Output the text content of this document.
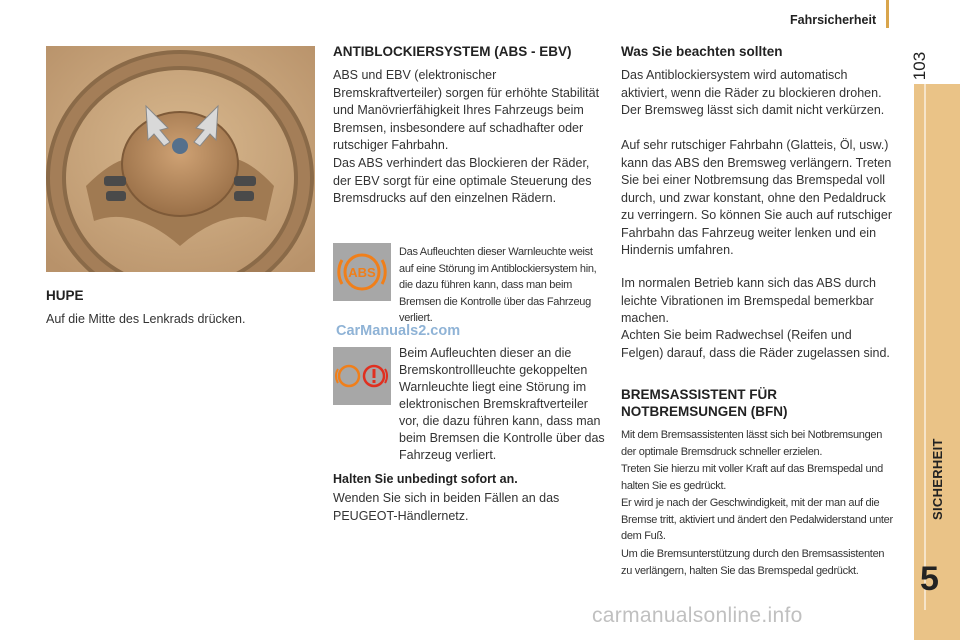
Fahrsicherheit
103
SICHERHEIT
5
HUPE

Auf die Mitte des Lenkrads drücken.

ANTIBLOCKIERSYSTEM (ABS - EBV)

ABS und EBV (elektronischer Bremskraftverteiler) sorgen für erhöhte Stabilität und Manövrierfähigkeit Ihres Fahrzeugs beim Bremsen, insbesondere auf schadhafter oder rutschiger Fahrbahn.

Das ABS verhindert das Blockieren der Räder, der EBV sorgt für eine optimale Steuerung des Bremsdrucks auf den einzelnen Rädern.

ABS

Das Aufleuchten dieser Warnleuchte weist auf eine Störung im Antiblockiersystem hin, die dazu führen kann, dass man beim Bremsen die Kontrolle über das Fahrzeug verliert.

CarManuals2.com

Beim Aufleuchten dieser an die Bremskontrollleuchte gekoppelten Warnleuchte liegt eine Störung im elektronischen Bremskraftverteiler vor, die dazu führen kann, dass man beim Bremsen die Kontrolle über das Fahrzeug verliert.

Halten Sie unbedingt sofort an.

Wenden Sie sich in beiden Fällen an das PEUGEOT-Händlernetz.

Was Sie beachten sollten

Das Antiblockiersystem wird automatisch aktiviert, wenn die Räder zu blockieren drohen. Der Bremsweg lässt sich damit nicht verkürzen.

Auf sehr rutschiger Fahrbahn (Glatteis, Öl, usw.) kann das ABS den Bremsweg verlängern. Treten Sie bei einer Notbremsung das Bremspedal voll durch, und zwar konstant, ohne den Pedaldruck zu verringern. So können Sie auch auf rutschiger Fahrbahn das Fahrzeug weiter lenken und ein Hindernis umfahren.

Im normalen Betrieb kann sich das ABS durch leichte Vibrationen im Bremspedal bemerkbar machen.

Achten Sie beim Radwechsel (Reifen und Felgen) darauf, dass die Räder zugelassen sind.

BREMSASSISTENT FÜR NOTBREMSUNGEN (BFN)

Mit dem Bremsassistenten lässt sich bei Notbremsungen der optimale Bremsdruck schneller erzielen.

Treten Sie hierzu mit voller Kraft auf das Bremspedal und halten Sie es gedrückt.

Er wird je nach der Geschwindigkeit, mit der man auf die Bremse tritt, aktiviert und ändert den Pedalwiderstand unter dem Fuß.

Um die Bremsunterstützung durch den Bremsassistenten zu verlängern, halten Sie das Bremspedal gedrückt.

carmanualsonline.info
